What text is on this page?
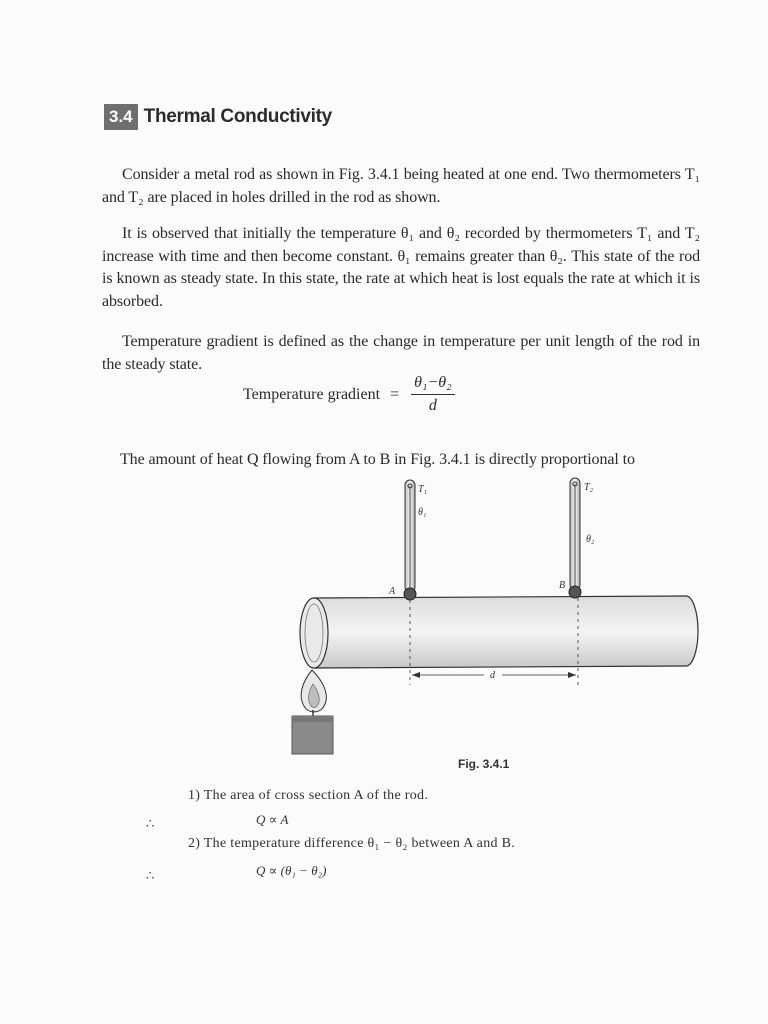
3.4 Thermal Conductivity

Consider a metal rod as shown in Fig. 3.4.1 being heated at one end. Two thermometers T₁ and T₂ are placed in holes drilled in the rod as shown.

It is observed that initially the temperature θ₁ and θ₂ recorded by thermometers T₁ and T₂ increase with time and then become constant. θ₁ remains greater than θ₂. This state of the rod is known as steady state. In this state, the rate at which heat is lost equals the rate at which it is absorbed.

Temperature gradient is defined as the change in temperature per unit length of the rod in the steady state.

Temperature gradient = $\frac{\text{θ₁−θ₂}}{d}$

The amount of heat Q flowing from A to B in Fig. 3.4.1 is directly proportional to

T₁
θ₁
T₂
θ₂
A
B
d
Fig. 3.4.1
1) The area of cross section A of the rod.
∴	Q ∝ A
2) The temperature difference θ₁ − θ₂ between A and B.
∴	Q ∝ (θ₁ − θ₂)
